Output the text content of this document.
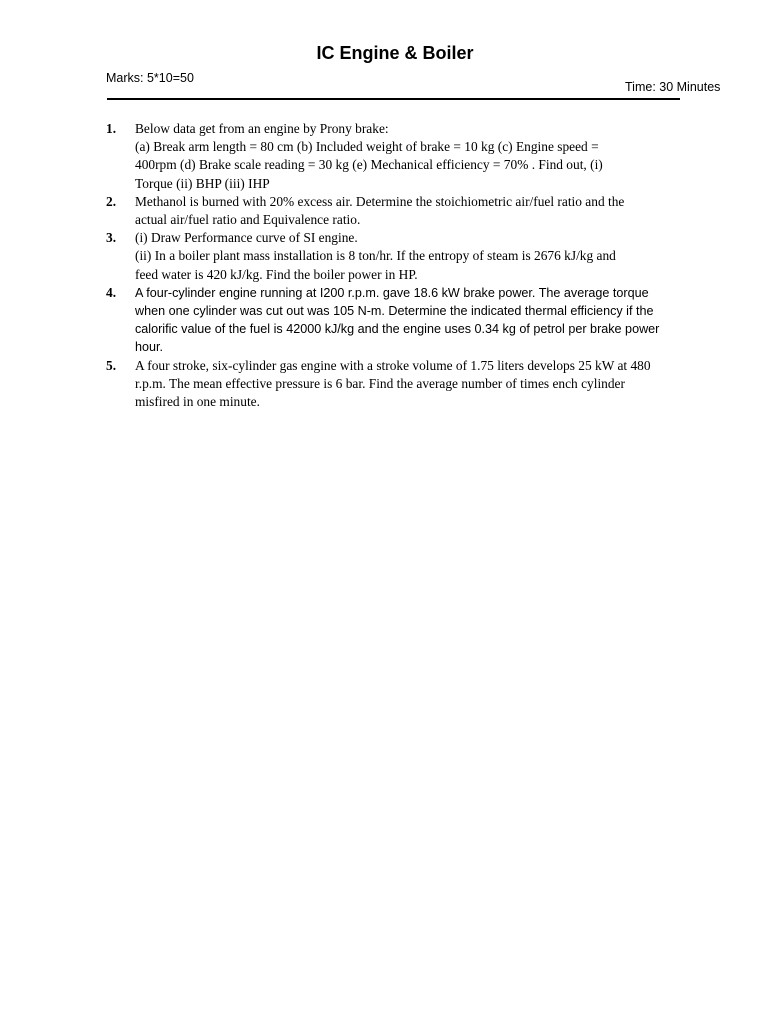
IC Engine & Boiler
Marks: 5*10=50
Time: 30 Minutes
1.	Below data get from an engine by Prony brake:
(a) Break arm length = 80 cm (b) Included weight of brake = 10 kg (c) Engine speed =
400rpm (d) Brake scale reading = 30 kg (e) Mechanical efficiency = 70% . Find out, (i)
Torque (ii) BHP (iii) IHP
2.	Methanol is burned with 20% excess air. Determine the stoichiometric air/fuel ratio and the
actual air/fuel ratio and Equivalence ratio.
3.	(i) Draw Performance curve of SI engine.
(ii) In a boiler plant mass installation is 8 ton/hr. If the entropy of steam is 2676 kJ/kg and
feed water is 420 kJ/kg. Find the boiler power in HP.
4.	A four-cylinder engine running at I200 r.p.m. gave 18.6 kW brake power. The average torque
when one cylinder was cut out was 105 N-m. Determine the indicated thermal efficiency if the
calorific value of the fuel is 42000 kJ/kg and the engine uses 0.34 kg of petrol per brake power
hour.
5.	A four stroke, six-cylinder gas engine with a stroke volume of 1.75 liters develops 25 kW at 480
r.p.m. The mean effective pressure is 6 bar. Find the average number of times ench cylinder
misfired in one minute.
